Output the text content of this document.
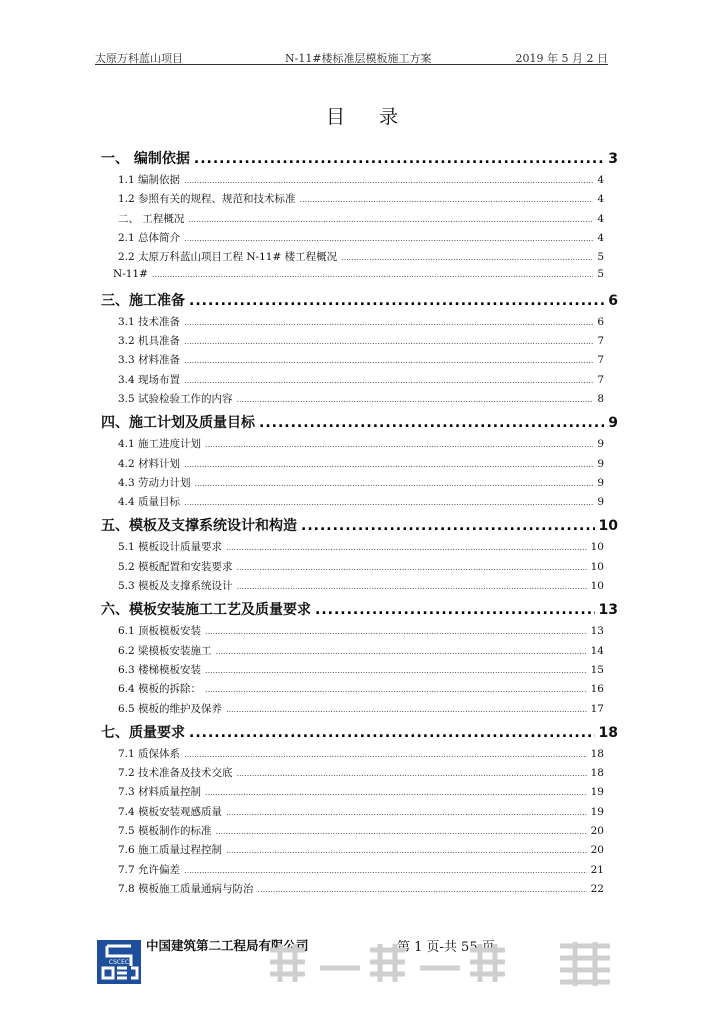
太原万科蓝山项目	N-11#楼标准层模板施工方案	2019 年 5 月 2 日
目录
一、 编制依据 .....	3
1.1 编制依据 .....	4
1.2 参照有关的规程、规范和技术标准 .....	4
二、 工程概况 .....	4
2.1 总体简介 .....	4
2.2 太原万科蓝山项目工程 N-11# 楼工程概况 .....	5
N-11# .....	5
三、施工准备 .....	6
3.1 技术准备 .....	6
3.2 机具准备 .....	7
3.3 材料准备 .....	7
3.4 现场布置 .....	7
3.5 试验检验工作的内容 .....	8
四、施工计划及质量目标 .....	9
4.1 施工进度计划 .....	9
4.2 材料计划 .....	9
4.3 劳动力计划 .....	9
4.4 质量目标 .....	9
五、模板及支撑系统设计和构造 .....	10
5.1 模板设计质量要求 .....	10
5.2 模板配置和安装要求 .....	10
5.3 模板及支撑系统设计 .....	10
六、模板安装施工工艺及质量要求 .....	13
6.1 顶板模板安装 .....	13
6.2 梁模板安装施工 .....	14
6.3 楼梯模板安装 .....	15
6.4 模板的拆除： .....	16
6.5 模板的维护及保养 .....	17
七、质量要求 .....	18
7.1 质保体系 .....	18
7.2 技术准备及技术交底 .....	18
7.3 材料质量控制 .....	19
7.4 模板安装观感质量 .....	19
7.5 模板制作的标准 .....	20
7.6 施工质量过程控制 .....	20
7.7 允许偏差 .....	21
7.8 模板施工质量通病与防治 .....	22
CSCEC
中国建筑第二工程局有限公司	第 1 页-共 55 页
